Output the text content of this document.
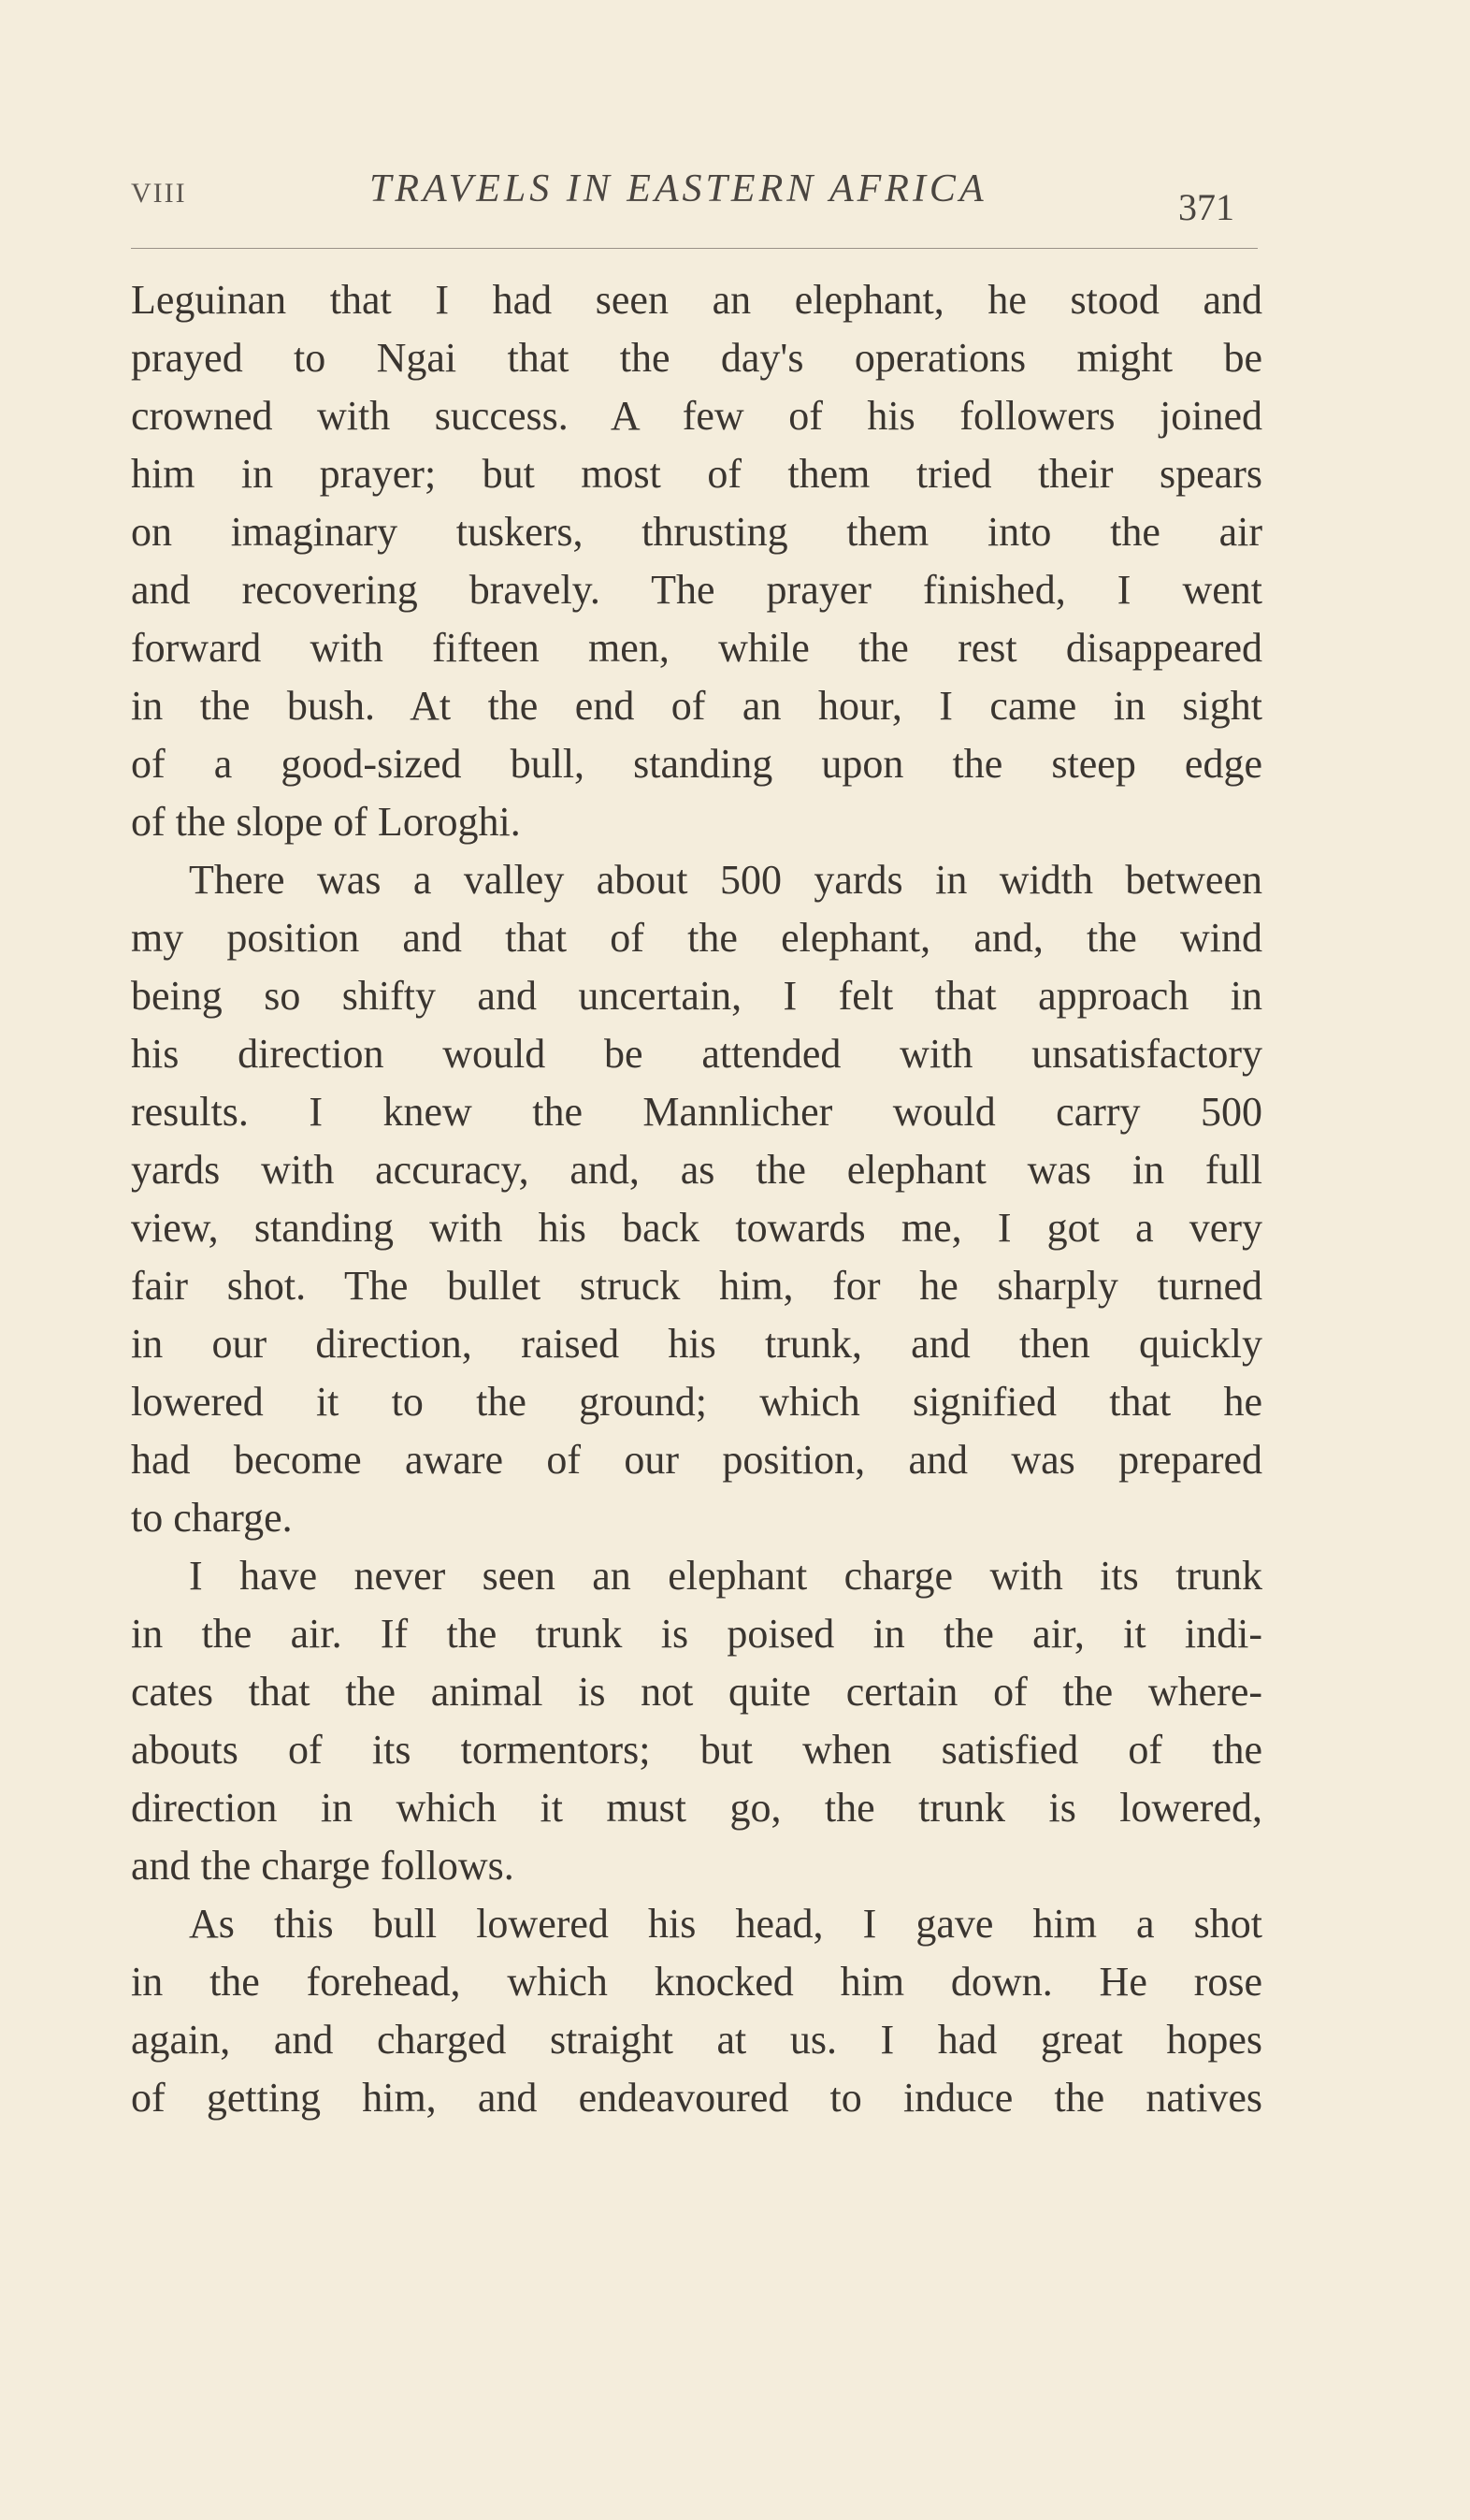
VIII	TRAVELS IN EASTERN AFRICA	371
Leguinan that I had seen an elephant, he stood and
prayed to Ngai that the day's operations might be
crowned with success. A few of his followers joined
him in prayer; but most of them tried their spears
on imaginary tuskers, thrusting them into the air
and recovering bravely. The prayer finished, I went
forward with fifteen men, while the rest disappeared
in the bush. At the end of an hour, I came in sight
of a good-sized bull, standing upon the steep edge
of the slope of Loroghi.
There was a valley about 500 yards in width between
my position and that of the elephant, and, the wind
being so shifty and uncertain, I felt that approach in
his direction would be attended with unsatisfactory
results. I knew the Mannlicher would carry 500
yards with accuracy, and, as the elephant was in full
view, standing with his back towards me, I got a very
fair shot. The bullet struck him, for he sharply turned
in our direction, raised his trunk, and then quickly
lowered it to the ground; which signified that he
had become aware of our position, and was prepared
to charge.
I have never seen an elephant charge with its trunk
in the air. If the trunk is poised in the air, it indi-
cates that the animal is not quite certain of the where-
abouts of its tormentors; but when satisfied of the
direction in which it must go, the trunk is lowered,
and the charge follows.
As this bull lowered his head, I gave him a shot
in the forehead, which knocked him down. He rose
again, and charged straight at us. I had great hopes
of getting him, and endeavoured to induce the natives
